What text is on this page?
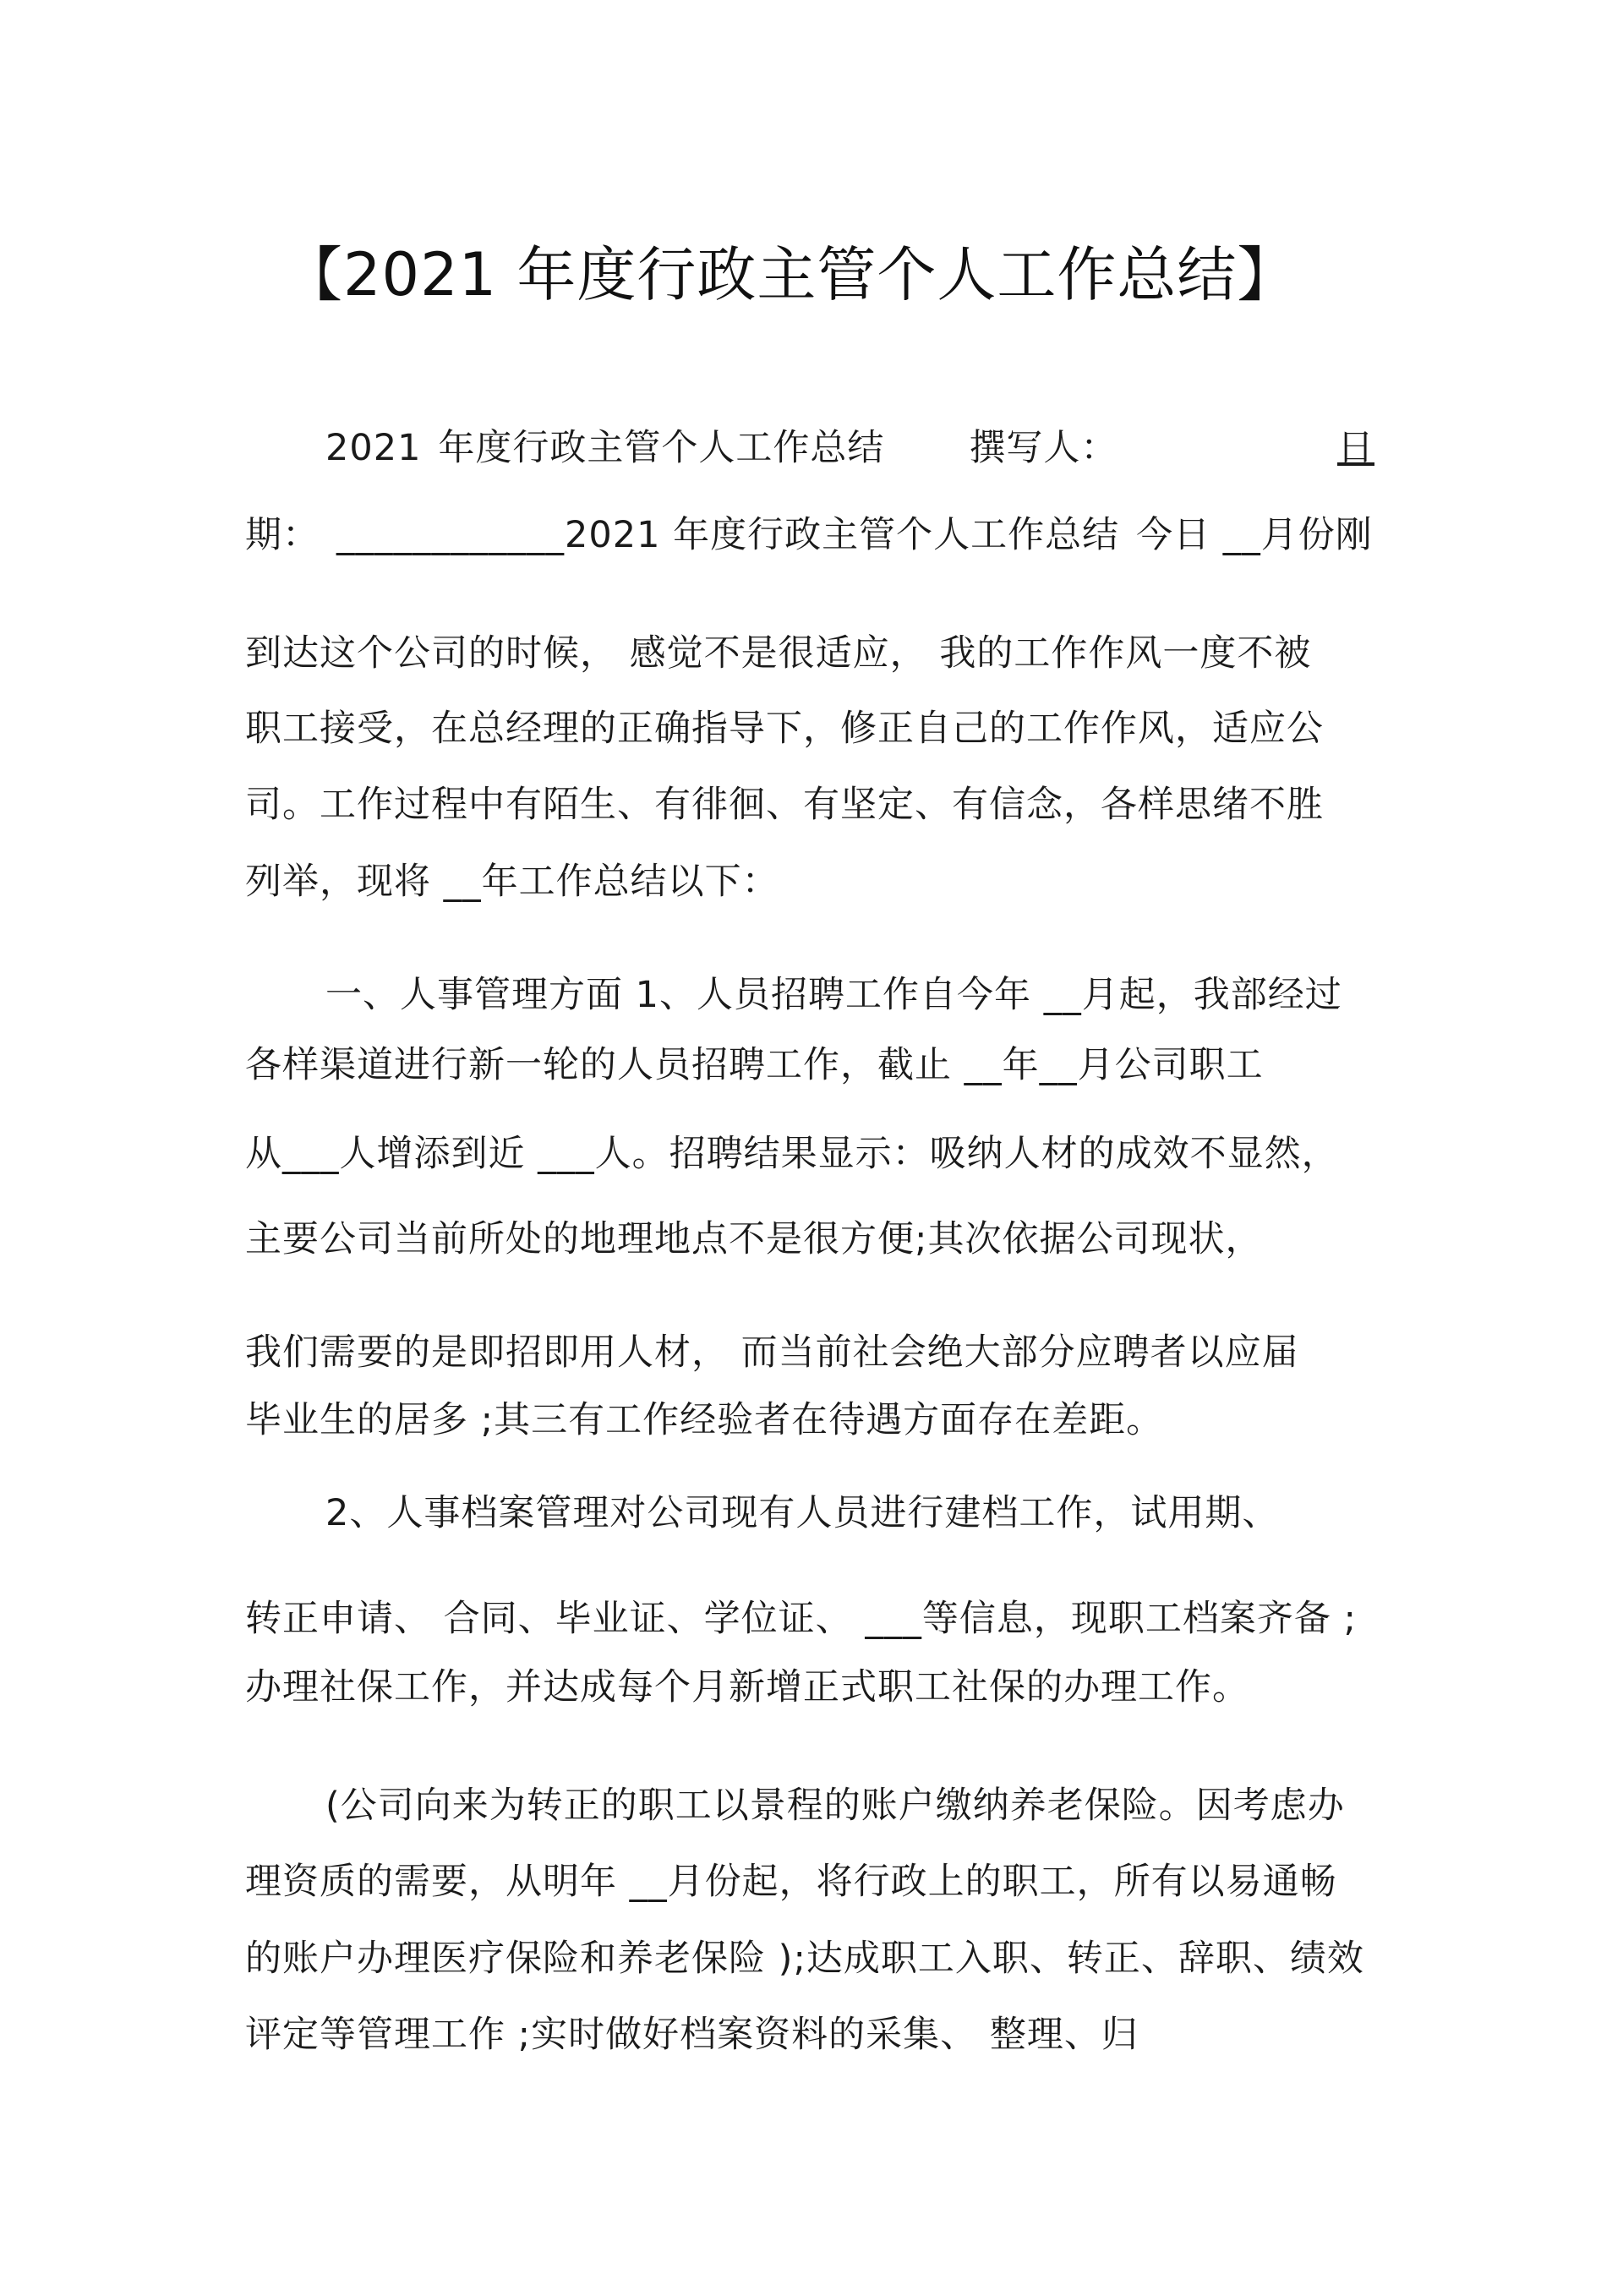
【2021 年度行政主管个人工作总结】
2021 年度行政主管个人工作总结 撰写人：	日
期： ____________2021 年度行政主管个人工作总结 今日 __月份刚
到达这个公司的时候， 感觉不是很适应， 我的工作作风一度不被
职工接受，在总经理的正确指导下，修正自己的工作作风，适应公
司。工作过程中有陌生、有徘徊、有坚定、有信念，各样思绪不胜
列举，现将 __年工作总结以下：
一、人事管理方面 1、人员招聘工作自今年 __月起，我部经过
各样渠道进行新一轮的人员招聘工作，截止 __年__月公司职工
从___人增添到近 ___人。招聘结果显示：吸纳人材的成效不显然，
主要公司当前所处的地理地点不是很方便;其次依据公司现状，
我们需要的是即招即用人材， 而当前社会绝大部分应聘者以应届
毕业生的居多 ;其三有工作经验者在待遇方面存在差距。
2、人事档案管理对公司现有人员进行建档工作，试用期、
转正申请、 合同、毕业证、学位证、 ___等信息，现职工档案齐备 ;
办理社保工作，并达成每个月新增正式职工社保的办理工作。
(公司向来为转正的职工以景程的账户缴纳养老保险。因考虑办
理资质的需要，从明年 __月份起，将行政上的职工，所有以易通畅
的账户办理医疗保险和养老保险 );达成职工入职、转正、辞职、绩效
评定等管理工作 ;实时做好档案资料的采集、 整理、归
